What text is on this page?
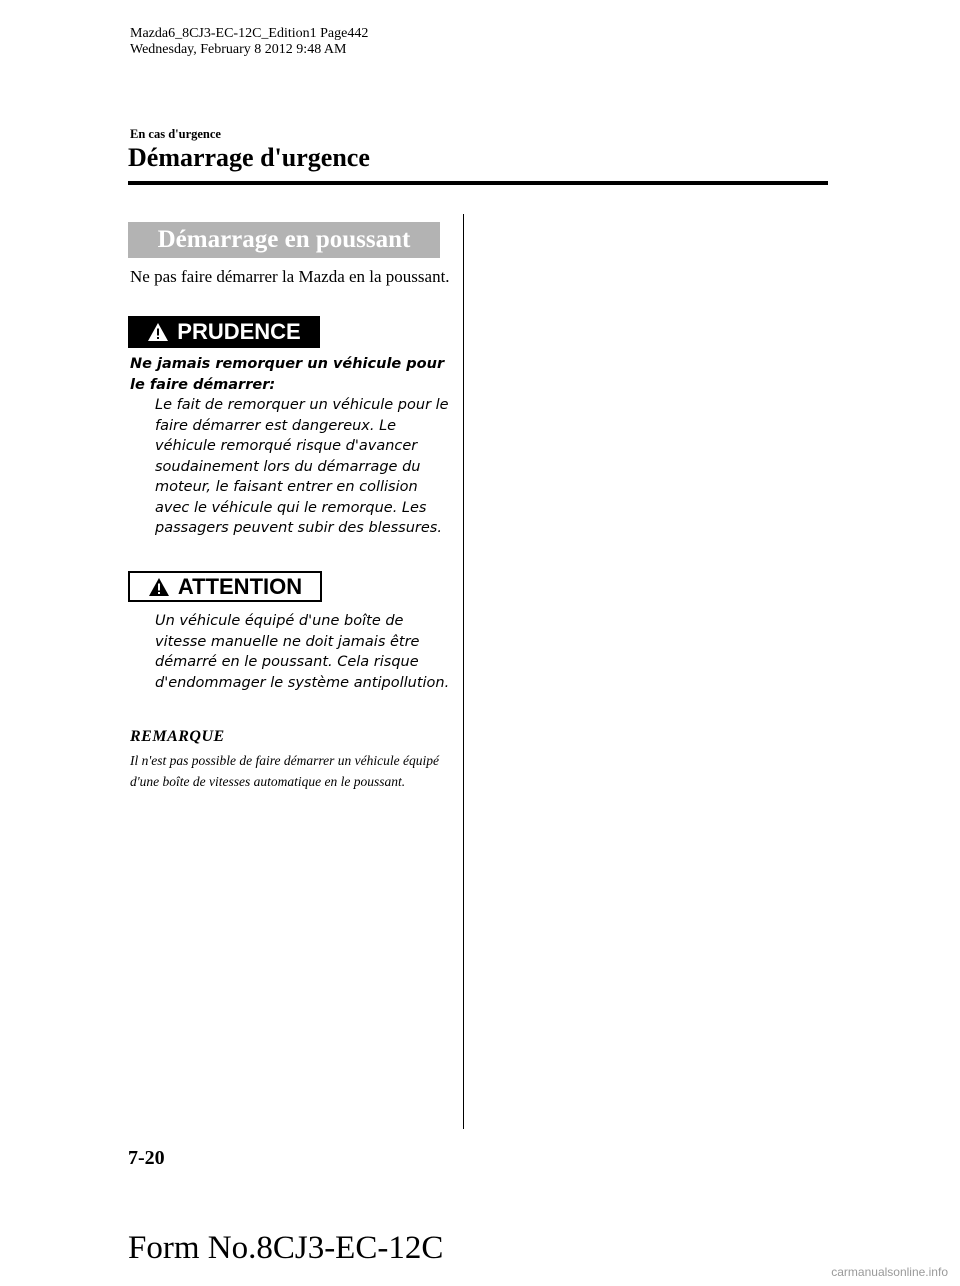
Mazda6_8CJ3-EC-12C_Edition1 Page442
Wednesday, February 8 2012 9:48 AM
En cas d'urgence
Démarrage d'urgence
Démarrage en poussant
Ne pas faire démarrer la Mazda en la poussant.
PRUDENCE
Ne jamais remorquer un véhicule pour le faire démarrer:
Le fait de remorquer un véhicule pour le faire démarrer est dangereux. Le véhicule remorqué risque d'avancer soudainement lors du démarrage du moteur, le faisant entrer en collision avec le véhicule qui le remorque. Les passagers peuvent subir des blessures.
ATTENTION
Un véhicule équipé d'une boîte de vitesse manuelle ne doit jamais être démarré en le poussant. Cela risque d'endommager le système antipollution.
REMARQUE
Il n'est pas possible de faire démarrer un véhicule équipé d'une boîte de vitesses automatique en le poussant.
7-20
Form No.8CJ3-EC-12C
carmanualsonline.info
